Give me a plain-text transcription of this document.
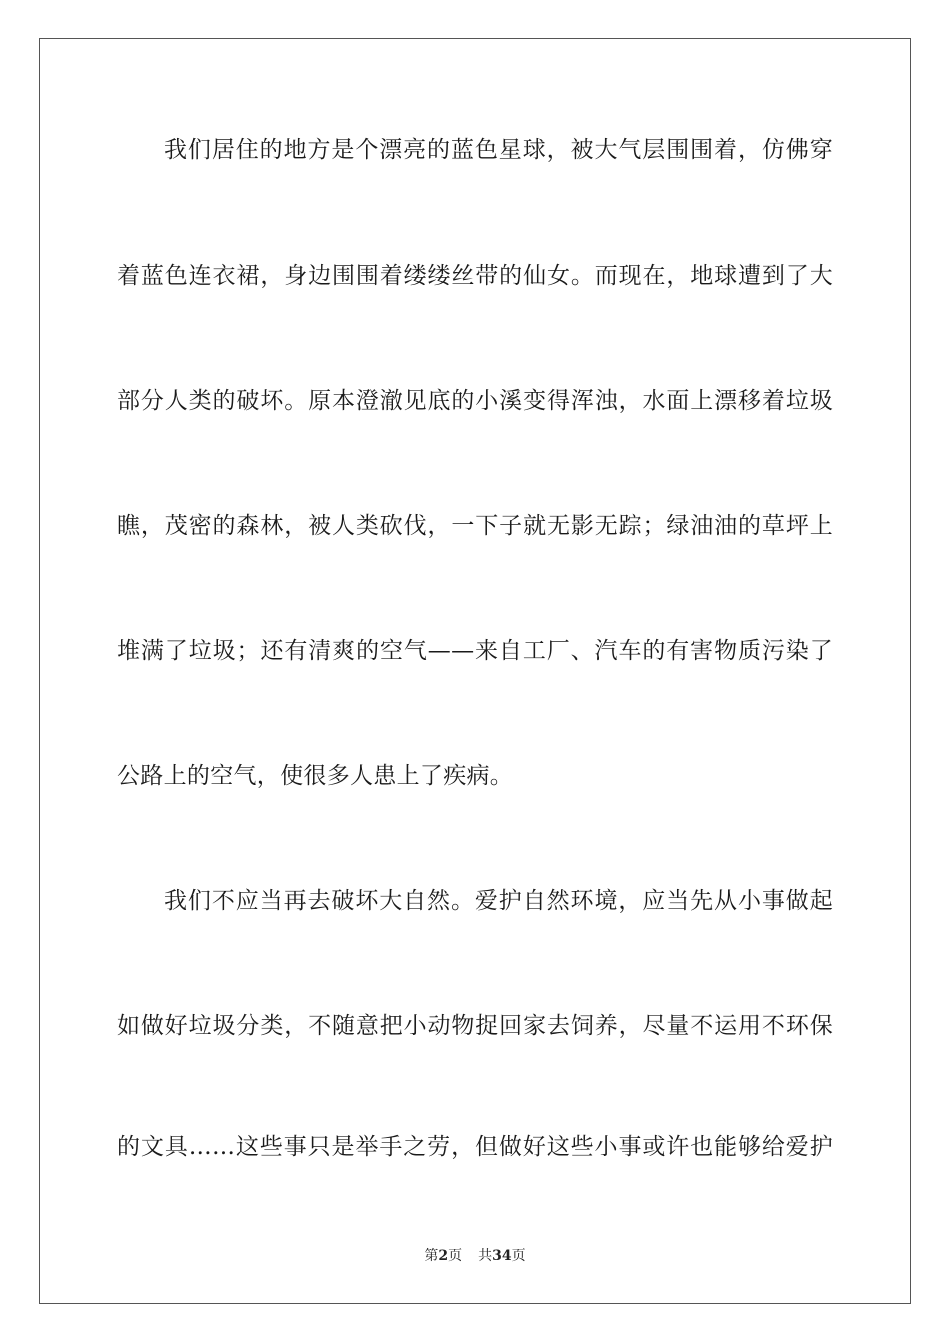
我们居住的地方是个漂亮的蓝色星球，被大气层围围着，仿佛穿
着蓝色连衣裙，身边围围着缕缕丝带的仙女。而现在，地球遭到了大
部分人类的破坏。原本澄澈见底的小溪变得浑浊，水面上漂移着垃圾
瞧，茂密的森林，被人类砍伐，一下子就无影无踪；绿油油的草坪上
堆满了垃圾；还有清爽的空气——来自工厂、汽车的有害物质污染了
公路上的空气，使很多人患上了疾病。
我们不应当再去破坏大自然。爱护自然环境，应当先从小事做起
如做好垃圾分类，不随意把小动物捉回家去饲养，尽量不运用不环保
的文具……这些事只是举手之劳，但做好这些小事或许也能够给爱护
第2页 共34页
